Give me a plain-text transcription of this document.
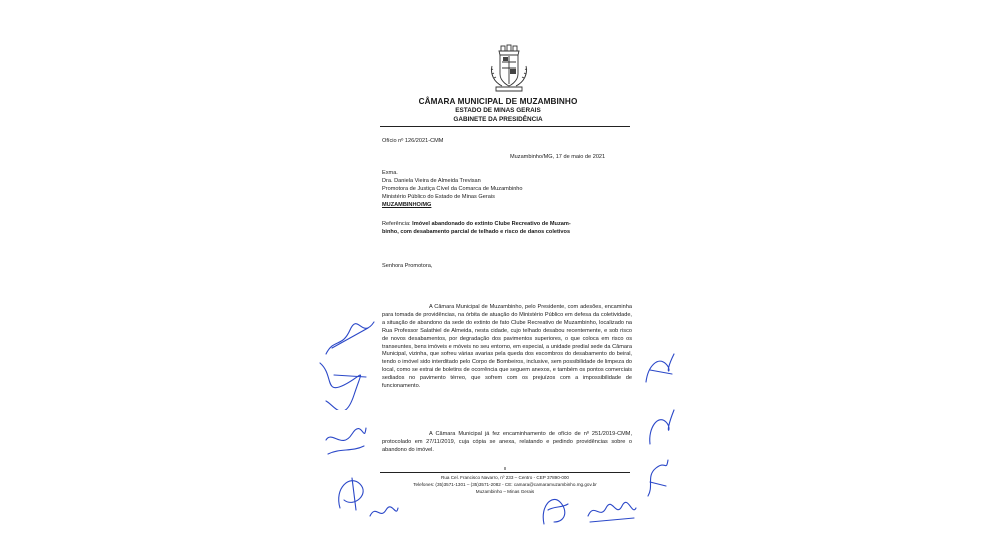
CÂMARA MUNICIPAL DE MUZAMBINHO
ESTADO DE MINAS GERAIS
GABINETE DA PRESIDÊNCIA
Ofício nº 126/2021-CMM
Muzambinho/MG, 17 de maio de 2021
Exma.
Dra. Daniela Vieira de Almeida Trevisan
Promotora de Justiça Cível da Comarca de Muzambinho
Ministério Público do Estado de Minas Gerais
MUZAMBINHO/MG
Referência: Imóvel abandonado do extinto Clube Recreativo de Muzam-
binho, com desabamento parcial de telhado e risco de danos coletivos
Senhora Promotora,
A Câmara Municipal de Muzambinho, pelo Presidente, com adesões, encaminha para tomada de providências, na órbita de atuação do Ministério Público em defesa da coletividade, a situação de abandono da sede do extinto de fato Clube Recreativo de Muzambinho, localizado na Rua Professor Salathiel de Almeida, nesta cidade, cujo telhado desabou recentemente, e sob risco de novos desabamentos, por degradação dos pavimentos superiores, o que coloca em risco os transeuntes, bens imóveis e móveis no seu entorno, em especial, a unidade predial sede da Câmara Municipal, vizinha, que sofreu várias avarias pela queda dos escombros do desabamento do beiral, tendo o imóvel sido interditado pelo Corpo de Bombeiros, inclusive, sem possibilidade de limpeza do local, como se extrai de boletins de ocorrência que seguem anexos, e também os pontos comerciais sediados no pavimento térreo, que sofrem com os prejuízos com a impossibilidade de funcionamento.
A Câmara Municipal já fez encaminhamento de ofício de nº 251/2019-CMM, protocolado em 27/11/2019, cuja cópia se anexa, relatando e pedindo providências sobre o abandono do imóvel.
II
Rua Cel. Francisco Navarro, nº 233 – Centro - CEP 37890-000
Telefones: (35)3571-1301 – (35)3571-2082 - CE: camara@camaramuzambinho.mg.gov.br
Muzambinho – Minas Gerais
